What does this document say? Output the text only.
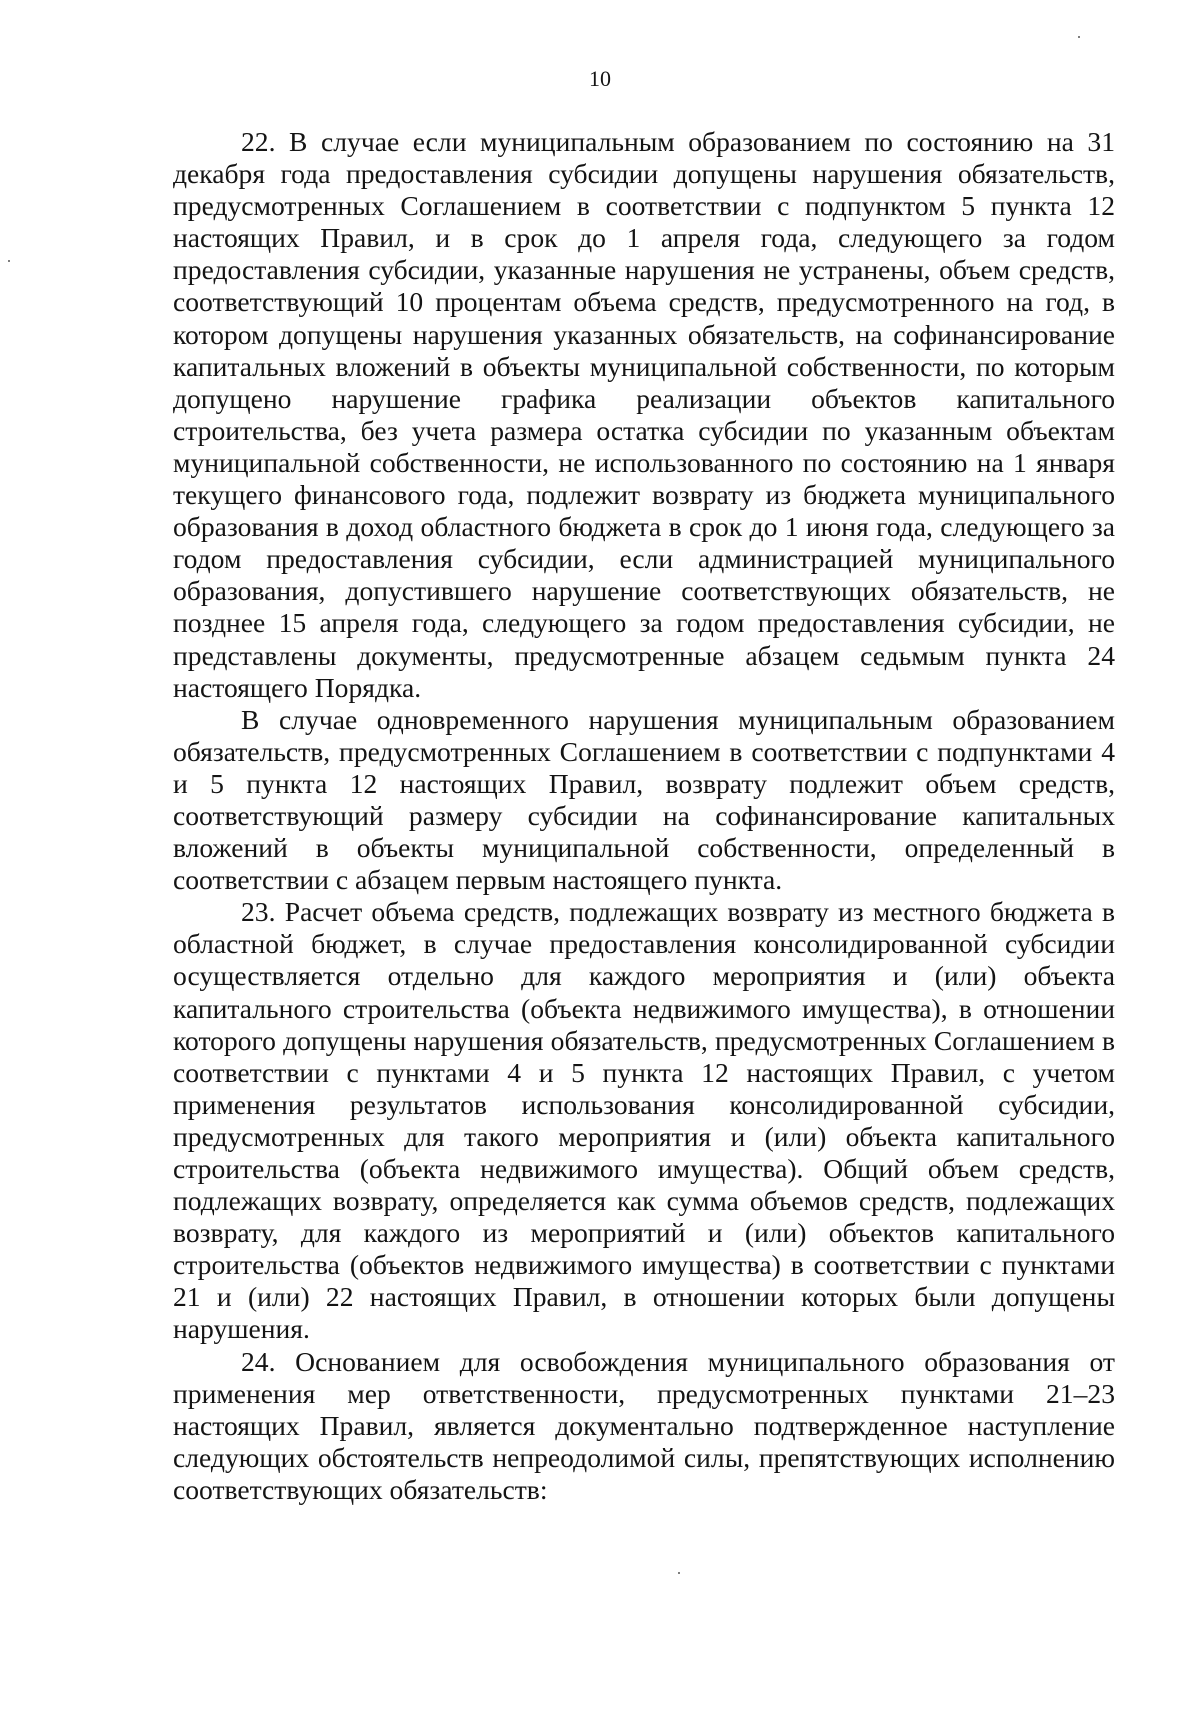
10

22. В случае если муниципальным образованием по состоянию на 31 декабря года предоставления субсидии допущены нарушения обязательств, предусмотренных Соглашением в соответствии с подпунктом 5 пункта 12 настоящих Правил, и в срок до 1 апреля года, следующего за годом предоставления субсидии, указанные нарушения не устранены, объем средств, соответствующий 10 процентам объема средств, предусмотренного на год, в котором допущены нарушения указанных обязательств, на софинансирование капитальных вложений в объекты муниципальной собственности, по которым допущено нарушение графика реализации объектов капитального строительства, без учета размера остатка субсидии по указанным объектам муниципальной собственности, не использованного по состоянию на 1 января текущего финансового года, подлежит возврату из бюджета муниципального образования в доход областного бюджета в срок до 1 июня года, следующего за годом предоставления субсидии, если администрацией муниципального образования, допустившего нарушение соответствующих обязательств, не позднее 15 апреля года, следующего за годом предоставления субсидии, не представлены документы, предусмотренные абзацем седьмым пункта 24 настоящего Порядка.

В случае одновременного нарушения муниципальным образованием обязательств, предусмотренных Соглашением в соответствии с подпунктами 4 и 5 пункта 12 настоящих Правил, возврату подлежит объем средств, соответствующий размеру субсидии на софинансирование капитальных вложений в объекты муниципальной собственности, определенный в соответствии с абзацем первым настоящего пункта.

23. Расчет объема средств, подлежащих возврату из местного бюджета в областной бюджет, в случае предоставления консолидированной субсидии осуществляется отдельно для каждого мероприятия и (или) объекта капитального строительства (объекта недвижимого имущества), в отношении которого допущены нарушения обязательств, предусмотренных Соглашением в соответствии с пунктами 4 и 5 пункта 12 настоящих Правил, с учетом применения результатов использования консолидированной субсидии, предусмотренных для такого мероприятия и (или) объекта капитального строительства (объекта недвижимого имущества). Общий объем средств, подлежащих возврату, определяется как сумма объемов средств, подлежащих возврату, для каждого из мероприятий и (или) объектов капитального строительства (объектов недвижимого имущества) в соответствии с пунктами 21 и (или) 22 настоящих Правил, в отношении которых были допущены нарушения.

24. Основанием для освобождения муниципального образования от применения мер ответственности, предусмотренных пунктами 21–23 настоящих Правил, является документально подтвержденное наступление следующих обстоятельств непреодолимой силы, препятствующих исполнению соответствующих обязательств:
